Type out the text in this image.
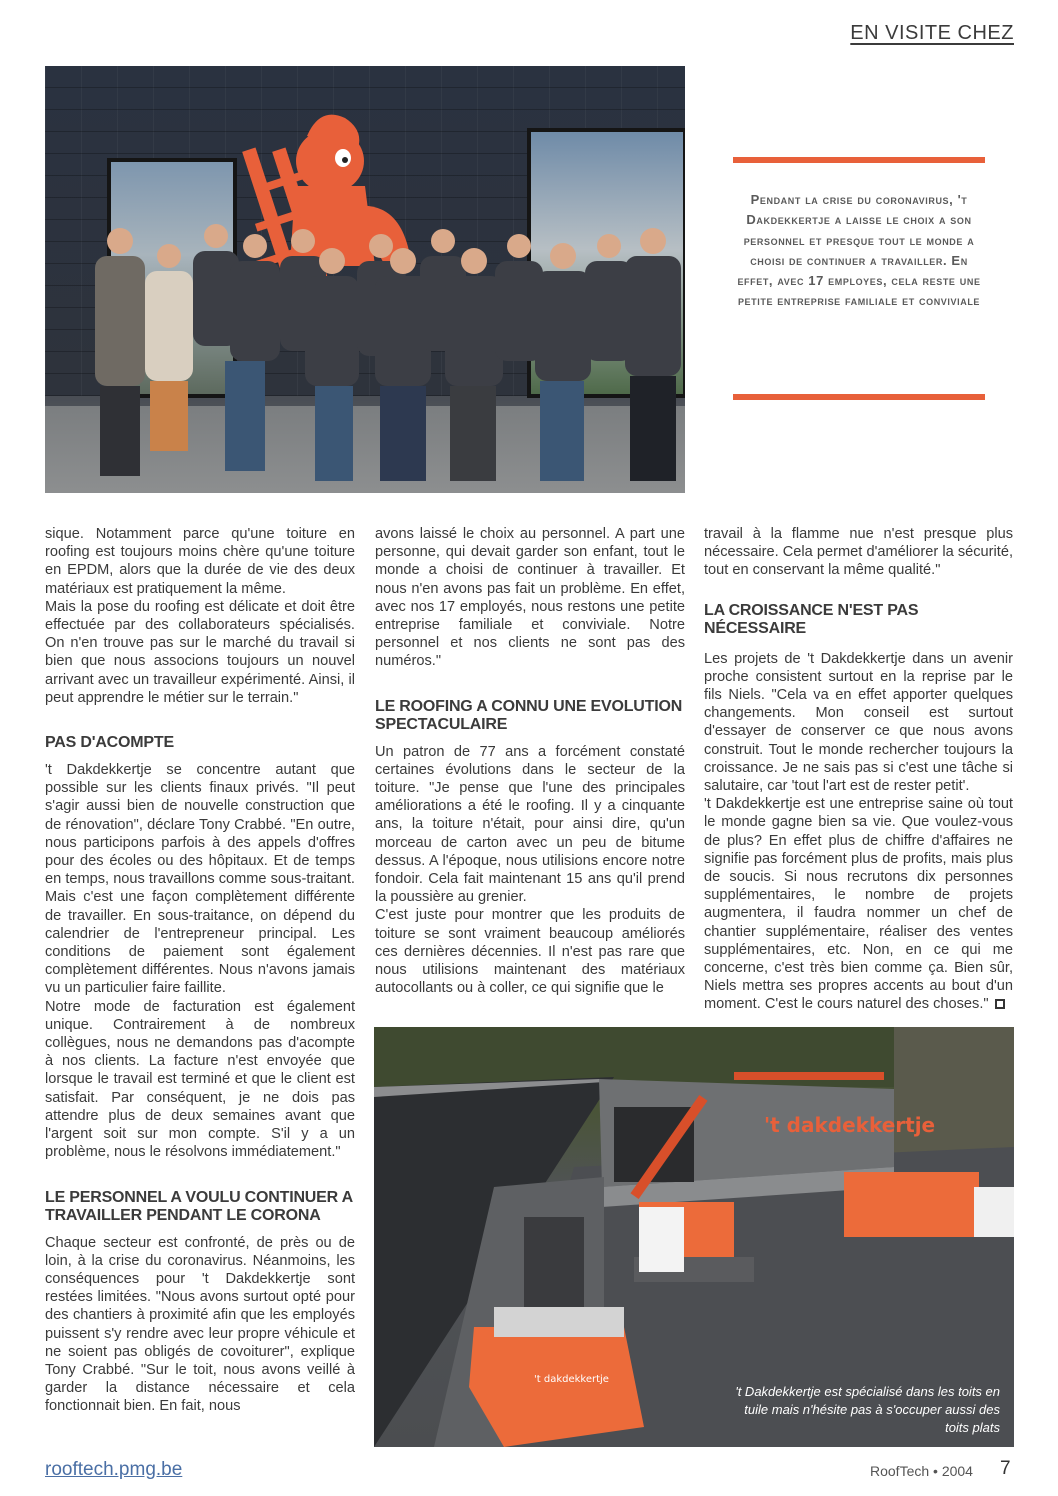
EN VISITE CHEZ
Pendant la crise du coronavirus, 't Dakdekkertje a laisse le choix a son personnel et presque tout le monde a choisi de continuer a travailler. En effet, avec 17 employes, cela reste une petite entreprise familiale et conviviale

sique. Notamment parce qu'une toiture en roofing est toujours moins chère qu'une toiture en EPDM, alors que la durée de vie des deux matériaux est pratiquement la même.

Mais la pose du roofing est délicate et doit être effectuée par des collaborateurs spécialisés. On n'en trouve pas sur le marché du travail si bien que nous associons toujours un nouvel arrivant avec un travailleur expérimenté. Ainsi, il peut apprendre le métier sur le terrain."

PAS D'ACOMPTE

't Dakdekkertje se concentre autant que possible sur les clients finaux privés. "Il peut s'agir aussi bien de nouvelle construction que de rénovation", déclare Tony Crabbé. "En outre, nous participons parfois à des appels d'offres pour des écoles ou des hôpitaux. Et de temps en temps, nous travaillons comme sous-traitant. Mais c'est une façon complètement différente de travailler. En sous-traitance, on dépend du calendrier de l'entrepreneur principal. Les conditions de paiement sont également complètement différentes. Nous n'avons jamais vu un particulier faire faillite.

Notre mode de facturation est également unique. Contrairement à de nombreux collègues, nous ne demandons pas d'acompte à nos clients. La facture n'est envoyée que lorsque le travail est terminé et que le client est satisfait. Par conséquent, je ne dois pas attendre plus de deux semaines avant que l'argent soit sur mon compte. S'il y a un problème, nous le résolvons immédiatement."

LE PERSONNEL A VOULU CONTINUER A TRAVAILLER PENDANT LE CORONA

Chaque secteur est confronté, de près ou de loin, à la crise du coronavirus. Néanmoins, les conséquences pour 't Dakdekkertje sont restées limitées. "Nous avons surtout opté pour des chantiers à proximité afin que les employés puissent s'y rendre avec leur propre véhicule et ne soient pas obligés de covoiturer", explique Tony Crabbé. "Sur le toit, nous avons veillé à garder la distance nécessaire et cela fonctionnait bien. En fait, nous

avons laissé le choix au personnel. A part une personne, qui devait garder son enfant, tout le monde a choisi de continuer à travailler. Et nous n'en avons pas fait un problème. En effet, avec nos 17 employés, nous restons une petite entreprise familiale et conviviale. Notre personnel et nos clients ne sont pas des numéros."

LE ROOFING A CONNU UNE EVOLUTION SPECTACULAIRE

Un patron de 77 ans a forcément constaté certaines évolutions dans le secteur de la toiture. "Je pense que l'une des principales améliorations a été le roofing. Il y a cinquante ans, la toiture n'était, pour ainsi dire, qu'un morceau de carton avec un peu de bitume dessus. A l'époque, nous utilisions encore notre fondoir. Cela fait maintenant 15 ans qu'il prend la poussière au grenier.

C'est juste pour montrer que les produits de toiture se sont vraiment beaucoup améliorés ces dernières décennies. Il n'est pas rare que nous utilisions maintenant des matériaux autocollants ou à coller, ce qui signifie que le

travail à la flamme nue n'est presque plus nécessaire. Cela permet d'améliorer la sécurité, tout en conservant la même qualité."

LA CROISSANCE N'EST PAS NÉCESSAIRE

Les projets de 't Dakdekkertje dans un avenir proche consistent surtout en la reprise par le fils Niels. "Cela va en effet apporter quelques changements. Mon conseil est surtout d'essayer de conserver ce que nous avons construit. Tout le monde rechercher toujours la croissance. Je ne sais pas si c'est une tâche si salutaire, car 'tout l'art est de rester petit'.

't Dakdekkertje est une entreprise saine où tout le monde gagne bien sa vie. Que voulez-vous de plus? En effet plus de chiffre d'affaires ne signifie pas forcément plus de profits, mais plus de soucis. Si nous recrutons dix personnes supplémentaires, le nombre de projets augmentera, il faudra nommer un chef de chantier supplémentaire, réaliser des ventes supplémentaires, etc. Non, en ce qui me concerne, c'est très bien comme ça. Bien sûr, Niels mettra ses propres accents au bout d'un moment. C'est le cours naturel des choses."

't dakdekkertje
't dakdekkertje
't Dakdekkertje est spécialisé dans les toits en tuile mais n'hésite pas à s'occuper aussi des toits plats
rooftech.pmg.be	RoofTech • 2004 7
